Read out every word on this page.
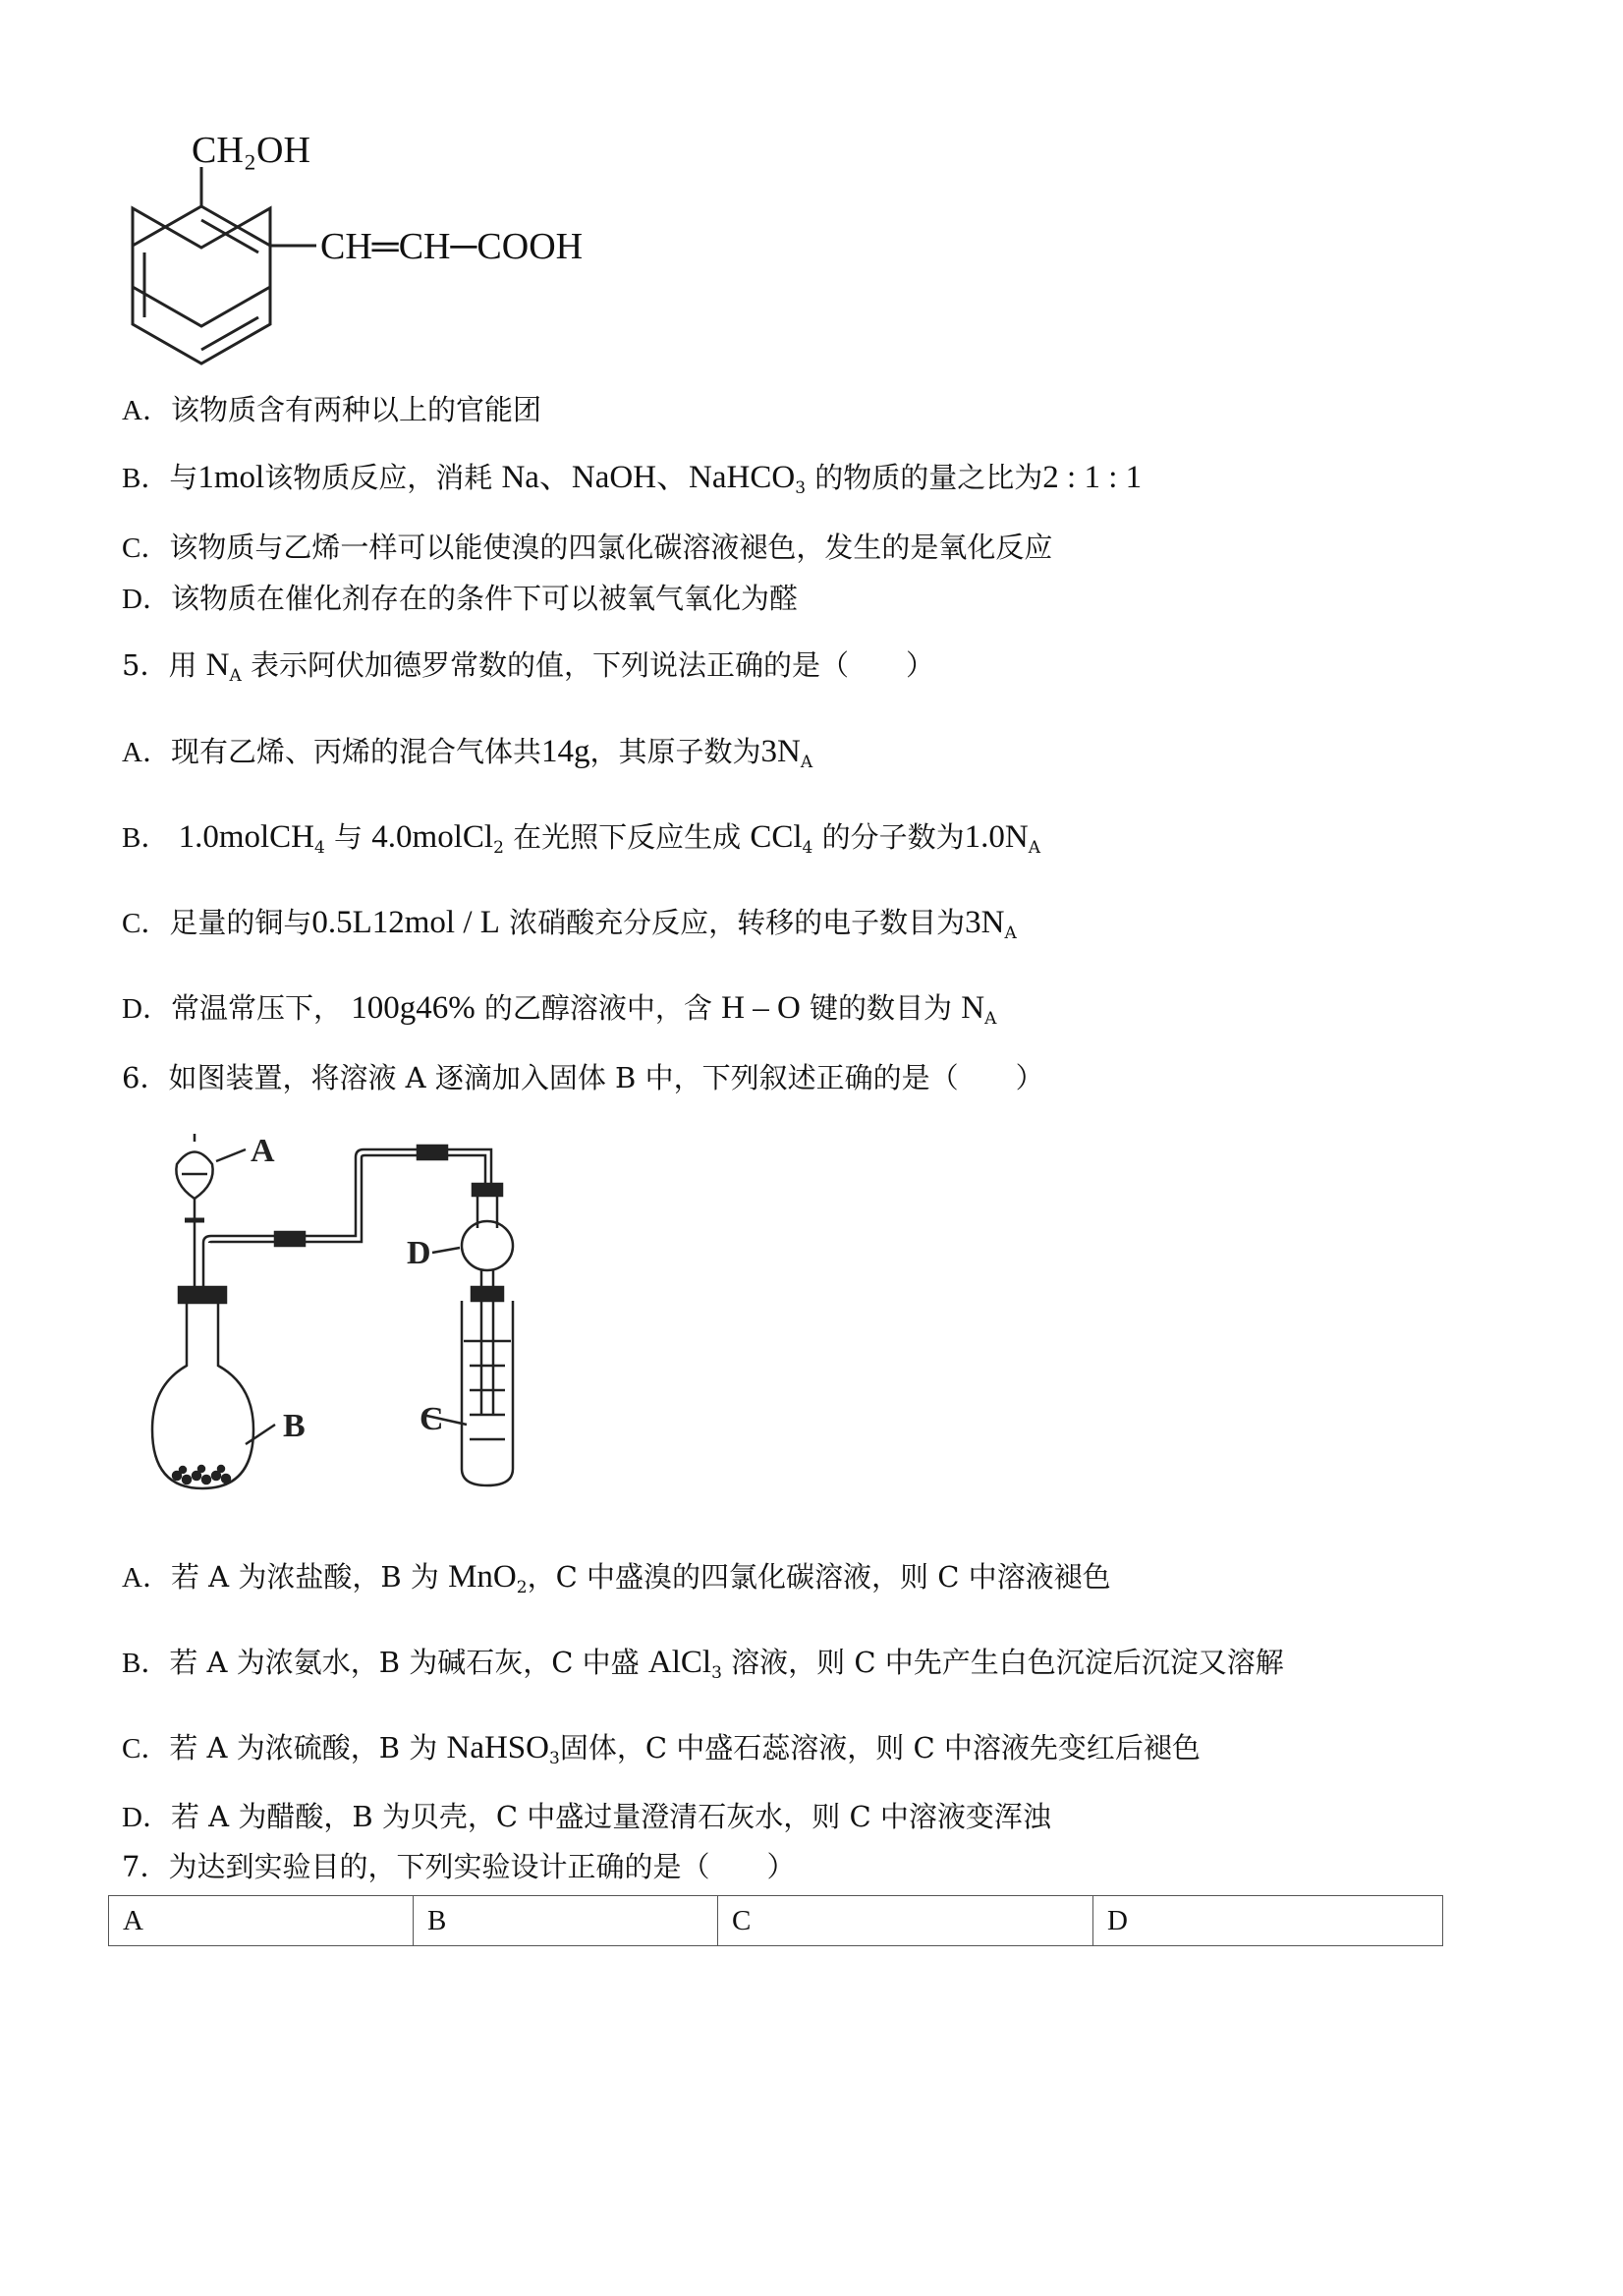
CH₂OH
CH═CH─COOH
A．该物质含有两种以上的官能团
B．与1mol该物质反应，消耗 Na、NaOH、NaHCO$_3$ 的物质的量之比为2 : 1 : 1
C．该物质与乙烯一样可以能使溴的四氯化碳溶液褪色，发生的是氧化反应
D．该物质在催化剂存在的条件下可以被氧气氧化为醛
5．用 $N_A$ 表示阿伏加德罗常数的值，下列说法正确的是（　　）
A．现有乙烯、丙烯的混合气体共14g，其原子数为$3N_A$
B． 1.0molCH$_4$ 与 4.0molCl$_2$ 在光照下反应生成 CCl$_4$ 的分子数为$1.0N_A$
C．足量的铜与0.5L12mol / L 浓硝酸充分反应，转移的电子数目为$3N_A$
D．常温常压下， 100g46% 的乙醇溶液中，含 H – O 键的数目为 $N_A$
6．如图装置，将溶液 A 逐滴加入固体 B 中，下列叙述正确的是（　　）
A
B	C
D
A．若 A 为浓盐酸，B 为 MnO$_2$，C 中盛溴的四氯化碳溶液，则 C 中溶液褪色
B．若 A 为浓氨水，B 为碱石灰，C 中盛 AlCl$_3$ 溶液，则 C 中先产生白色沉淀后沉淀又溶解
C．若 A 为浓硫酸，B 为 NaHSO$_3$固体，C 中盛石蕊溶液，则 C 中溶液先变红后褪色
D．若 A 为醋酸，B 为贝壳，C 中盛过量澄清石灰水，则 C 中溶液变浑浊
7．为达到实验目的，下列实验设计正确的是（　　）
A	B	C	D
